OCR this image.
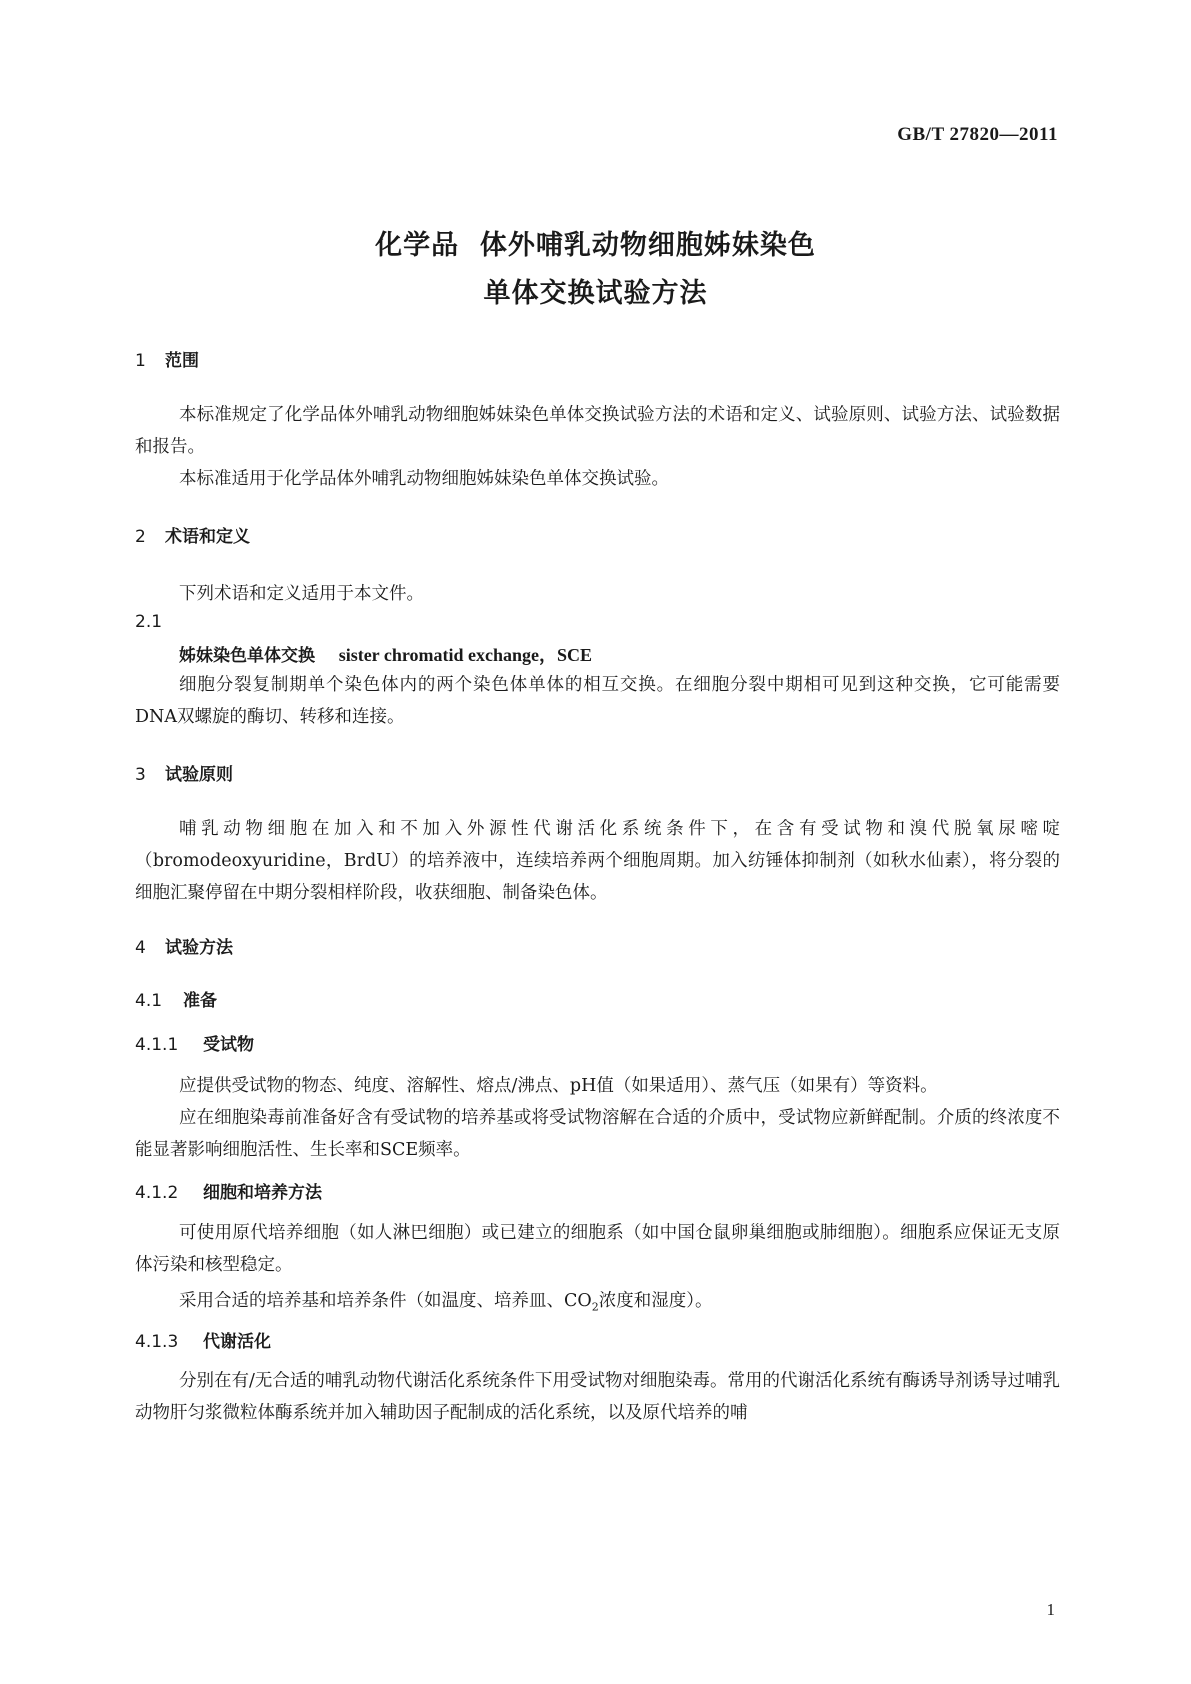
GB/T 27820—2011
化学品  体外哺乳动物细胞姊妹染色
单体交换试验方法
1 范围
本标准规定了化学品体外哺乳动物细胞姊妹染色单体交换试验方法的术语和定义、试验原则、试验方法、试验数据和报告。
本标准适用于化学品体外哺乳动物细胞姊妹染色单体交换试验。
2 术语和定义
下列术语和定义适用于本文件。
2.1
姊妹染色单体交换 sister chromatid exchange，SCE
细胞分裂复制期单个染色体内的两个染色体单体的相互交换。在细胞分裂中期相可见到这种交换，它可能需要DNA双螺旋的酶切、转移和连接。
3 试验原则
哺乳动物细胞在加入和不加入外源性代谢活化系统条件下，在含有受试物和溴代脱氧尿嘧啶（bromodeoxyuridine，BrdU）的培养液中，连续培养两个细胞周期。加入纺锤体抑制剂（如秋水仙素），将分裂的细胞汇聚停留在中期分裂相样阶段，收获细胞、制备染色体。
4 试验方法
4.1 准备
4.1.1 受试物
应提供受试物的物态、纯度、溶解性、熔点/沸点、pH值（如果适用）、蒸气压（如果有）等资料。
应在细胞染毒前准备好含有受试物的培养基或将受试物溶解在合适的介质中，受试物应新鲜配制。介质的终浓度不能显著影响细胞活性、生长率和SCE频率。
4.1.2 细胞和培养方法
可使用原代培养细胞（如人淋巴细胞）或已建立的细胞系（如中国仓鼠卵巢细胞或肺细胞）。细胞系应保证无支原体污染和核型稳定。
采用合适的培养基和培养条件（如温度、培养皿、$CO_2$浓度和湿度）。
4.1.3 代谢活化
分别在有/无合适的哺乳动物代谢活化系统条件下用受试物对细胞染毒。常用的代谢活化系统有酶诱导剂诱导过哺乳动物肝匀浆微粒体酶系统并加入辅助因子配制成的活化系统，以及原代培养的哺
1
